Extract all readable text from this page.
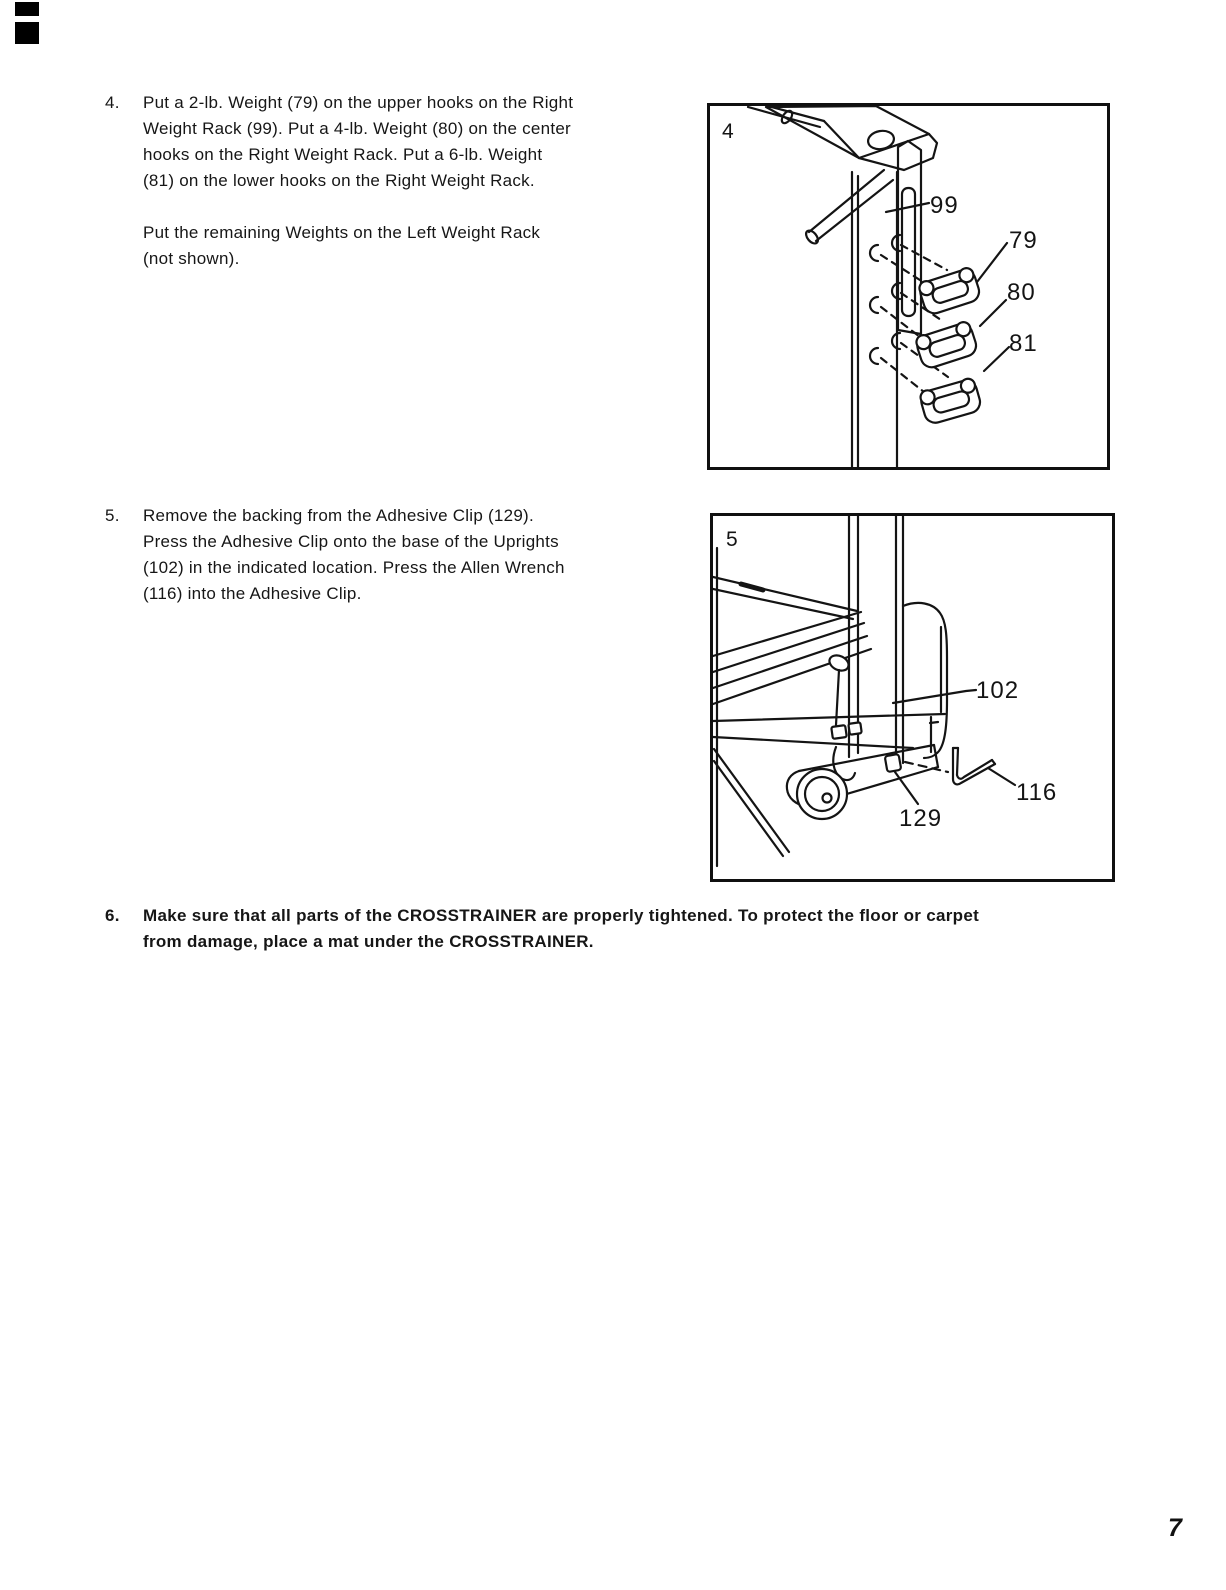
4. Put a 2-lb. Weight (79) on the upper hooks on the Right
Weight Rack (99). Put a 4-lb. Weight (80) on the center
hooks on the Right Weight Rack. Put a 6-lb. Weight
(81) on the lower hooks on the Right Weight Rack.
Put the remaining Weights on the Left Weight Rack
(not shown).
5. Remove the backing from the Adhesive Clip (129).
Press the Adhesive Clip onto the base of the Uprights
(102) in the indicated location. Press the Allen Wrench
(116) into the Adhesive Clip.
6. Make sure that all parts of the CROSSTRAINER are properly tightened. To protect the floor or carpet
from damage, place a mat under the CROSSTRAINER.
4
99
79
80
81
5
102
116
129
7
